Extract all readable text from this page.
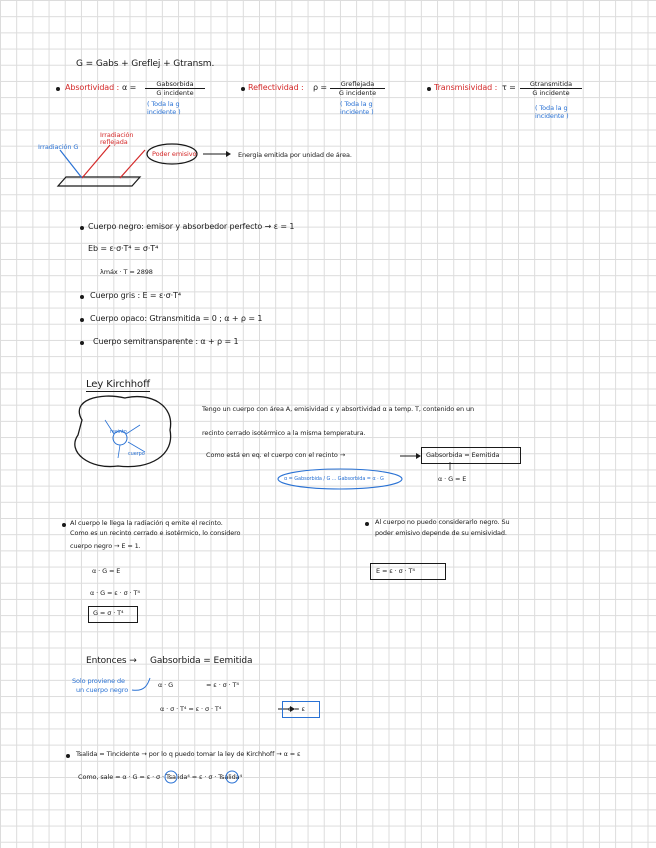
G = Gabs + Greflej + Gtransm.
Absortividad : α =	Gabsorbida
G incidente
( Toda la g incidente )
Reflectividad : ρ =	Greflejada
G incidente
( Toda la g incidente )
Transmisividad : τ =	Gtransmitida
G incidente
( Toda la g incidente )
Irradiación G
Irradiación reflejada
Poder emisivo	Energía emitida por unidad de área.
Cuerpo negro: emisor y absorbedor perfecto → ε = 1
Eb = ε·σ·T⁴ = σ·T⁴
λmáx · T = 2898
Cuerpo gris : E = ε·σ·T⁴
Cuerpo opaco: Gtransmitida = 0 ; α + ρ = 1
Cuerpo semitransparente : α + ρ = 1
Ley Kirchhoff
recinto
cuerpo
Tengo un cuerpo con área A, emisividad ε y absortividad α a temp. T, contenido en un
recinto cerrado isotérmico a la misma temperatura.
Como está en eq. el cuerpo con el recinto →	Gabsorbida = Eemitida
α · G = E
α = Gabsorbida / G ... Gabsorbida = α · G
Al cuerpo le llega la radiación q emite el recinto.
Como es un recinto cerrado e isotérmico, lo considero
cuerpo negro → E = 1.
α · G = E
α · G = ε · σ · T⁴
G = σ · T⁴
Al cuerpo no puedo considerarlo negro. Su
poder emisivo depende de su emisividad.
E = ε · σ · T⁴
Entonces → Gabsorbida = Eemitida
Solo proviene de
un cuerpo negro
α · G	= ε · σ · T⁴
α · σ · T⁴ = ε · σ · T⁴	α = ε
Tsalida = Tincidente → por lo q puedo tomar la ley de Kirchhoff → α = ε
Como, sale = α · G = ε · σ · Tsalida⁴ = ε · σ · Tsalida⁴
